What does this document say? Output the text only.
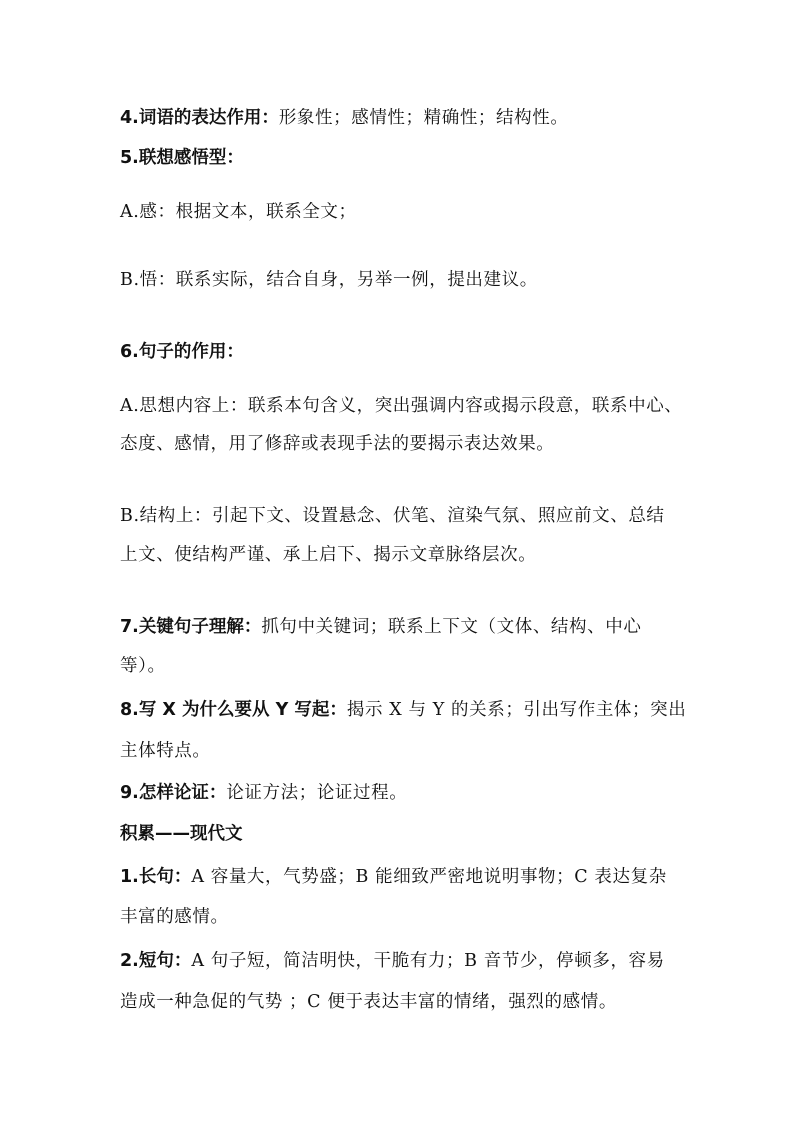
4.词语的表达作用：形象性；感情性；精确性；结构性。
5.联想感悟型：
A.感：根据文本，联系全文；
B.悟：联系实际，结合自身，另举一例，提出建议。
6.句子的作用：
A.思想内容上：联系本句含义，突出强调内容或揭示段意，联系中心、
态度、感情，用了修辞或表现手法的要揭示表达效果。
B.结构上：引起下文、设置悬念、伏笔、渲染气氛、照应前文、总结
上文、使结构严谨、承上启下、揭示文章脉络层次。
7.关键句子理解：抓句中关键词；联系上下文（文体、结构、中心
等）。
8.写 X 为什么要从 Y 写起：揭示 X 与 Y 的关系；引出写作主体；突出
主体特点。
9.怎样论证：论证方法；论证过程。
积累——现代文
1.长句：A 容量大，气势盛；B 能细致严密地说明事物；C 表达复杂
丰富的感情。
2.短句：A 句子短，简洁明快，干脆有力；B 音节少，停顿多，容易
造成一种急促的气势 ；C 便于表达丰富的情绪，强烈的感情。
